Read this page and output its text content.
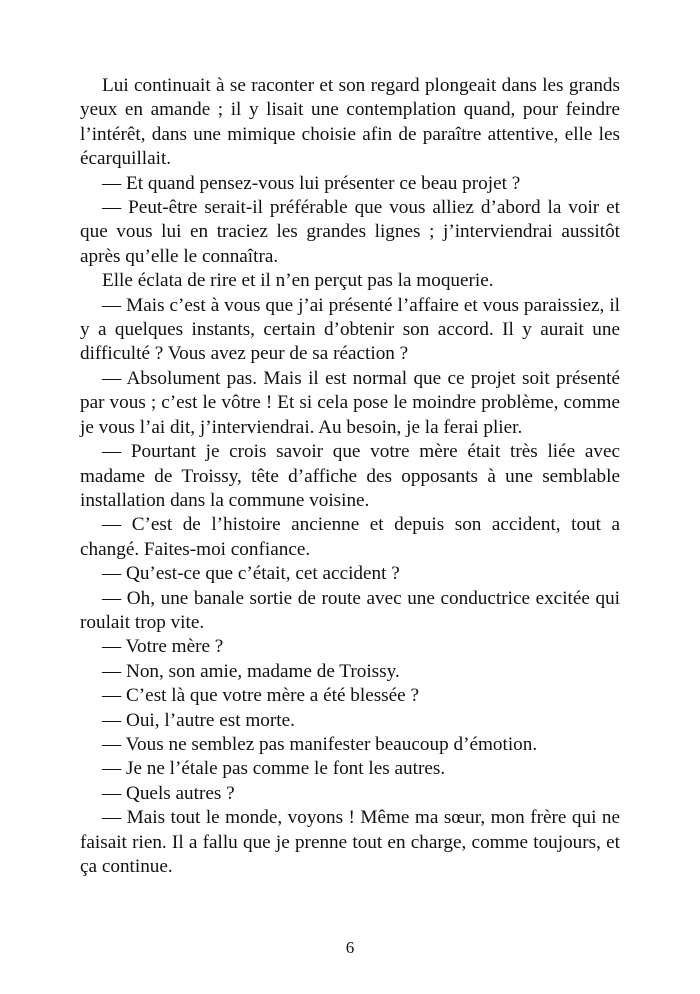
Lui continuait à se raconter et son regard plongeait dans les grands yeux en amande ; il y lisait une contemplation quand, pour feindre l’intérêt, dans une mimique choisie afin de paraître attentive, elle les écarquillait.

— Et quand pensez-vous lui présenter ce beau projet ?

— Peut-être serait-il préférable que vous alliez d’abord la voir et que vous lui en traciez les grandes lignes ; j’interviendrai aussitôt après qu’elle le connaîtra.

Elle éclata de rire et il n’en perçut pas la moquerie.

— Mais c’est à vous que j’ai présenté l’affaire et vous paraissiez, il y a quelques instants, certain d’obtenir son accord. Il y aurait une difficulté ? Vous avez peur de sa réaction ?

— Absolument pas. Mais il est normal que ce projet soit présenté par vous ; c’est le vôtre ! Et si cela pose le moindre problème, comme je vous l’ai dit, j’interviendrai. Au besoin, je la ferai plier.

— Pourtant je crois savoir que votre mère était très liée avec madame de Troissy, tête d’affiche des opposants à une semblable installation dans la commune voisine.

— C’est de l’histoire ancienne et depuis son accident, tout a changé. Faites-moi confiance.

— Qu’est-ce que c’était, cet accident ?

— Oh, une banale sortie de route avec une conductrice excitée qui roulait trop vite.

— Votre mère ?

— Non, son amie, madame de Troissy.

— C’est là que votre mère a été blessée ?

— Oui, l’autre est morte.

— Vous ne semblez pas manifester beaucoup d’émotion.

— Je ne l’étale pas comme le font les autres.

— Quels autres ?

— Mais tout le monde, voyons ! Même ma sœur, mon frère qui ne faisait rien. Il a fallu que je prenne tout en charge, comme toujours, et ça continue.

6
